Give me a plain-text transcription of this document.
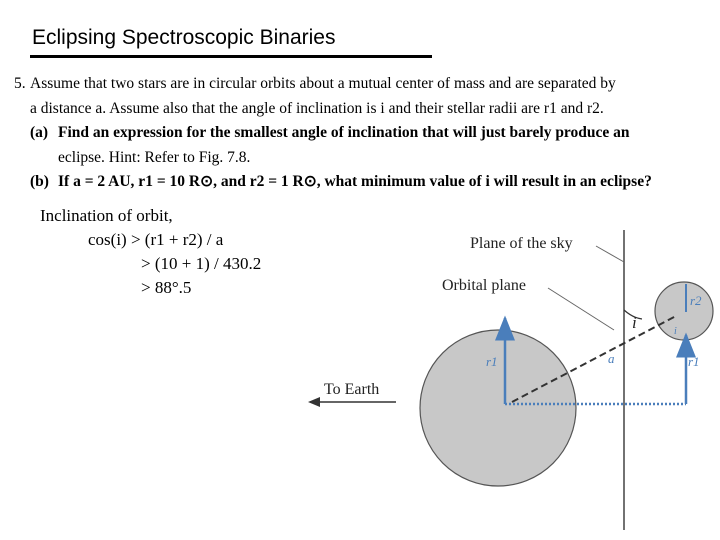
Eclipsing Spectroscopic Binaries
5. Assume that two stars are in circular orbits about a mutual center of mass and are separated by
a distance a. Assume also that the angle of inclination is i and their stellar radii are r1 and r2.
(a) Find an expression for the smallest angle of inclination that will just barely produce an
eclipse. Hint: Refer to Fig. 7.8.
(b) If a = 2 AU, r1 = 10 R⊙, and r2 = 1 R⊙, what minimum value of i will result in an eclipse?
Inclination of orbit,
cos(i) > (r1 + r2) / a
> (10 + 1) / 430.2
> 88°.5
Plane of the sky
Orbital plane
To Earth
i
r1	r1
r2
a
i
